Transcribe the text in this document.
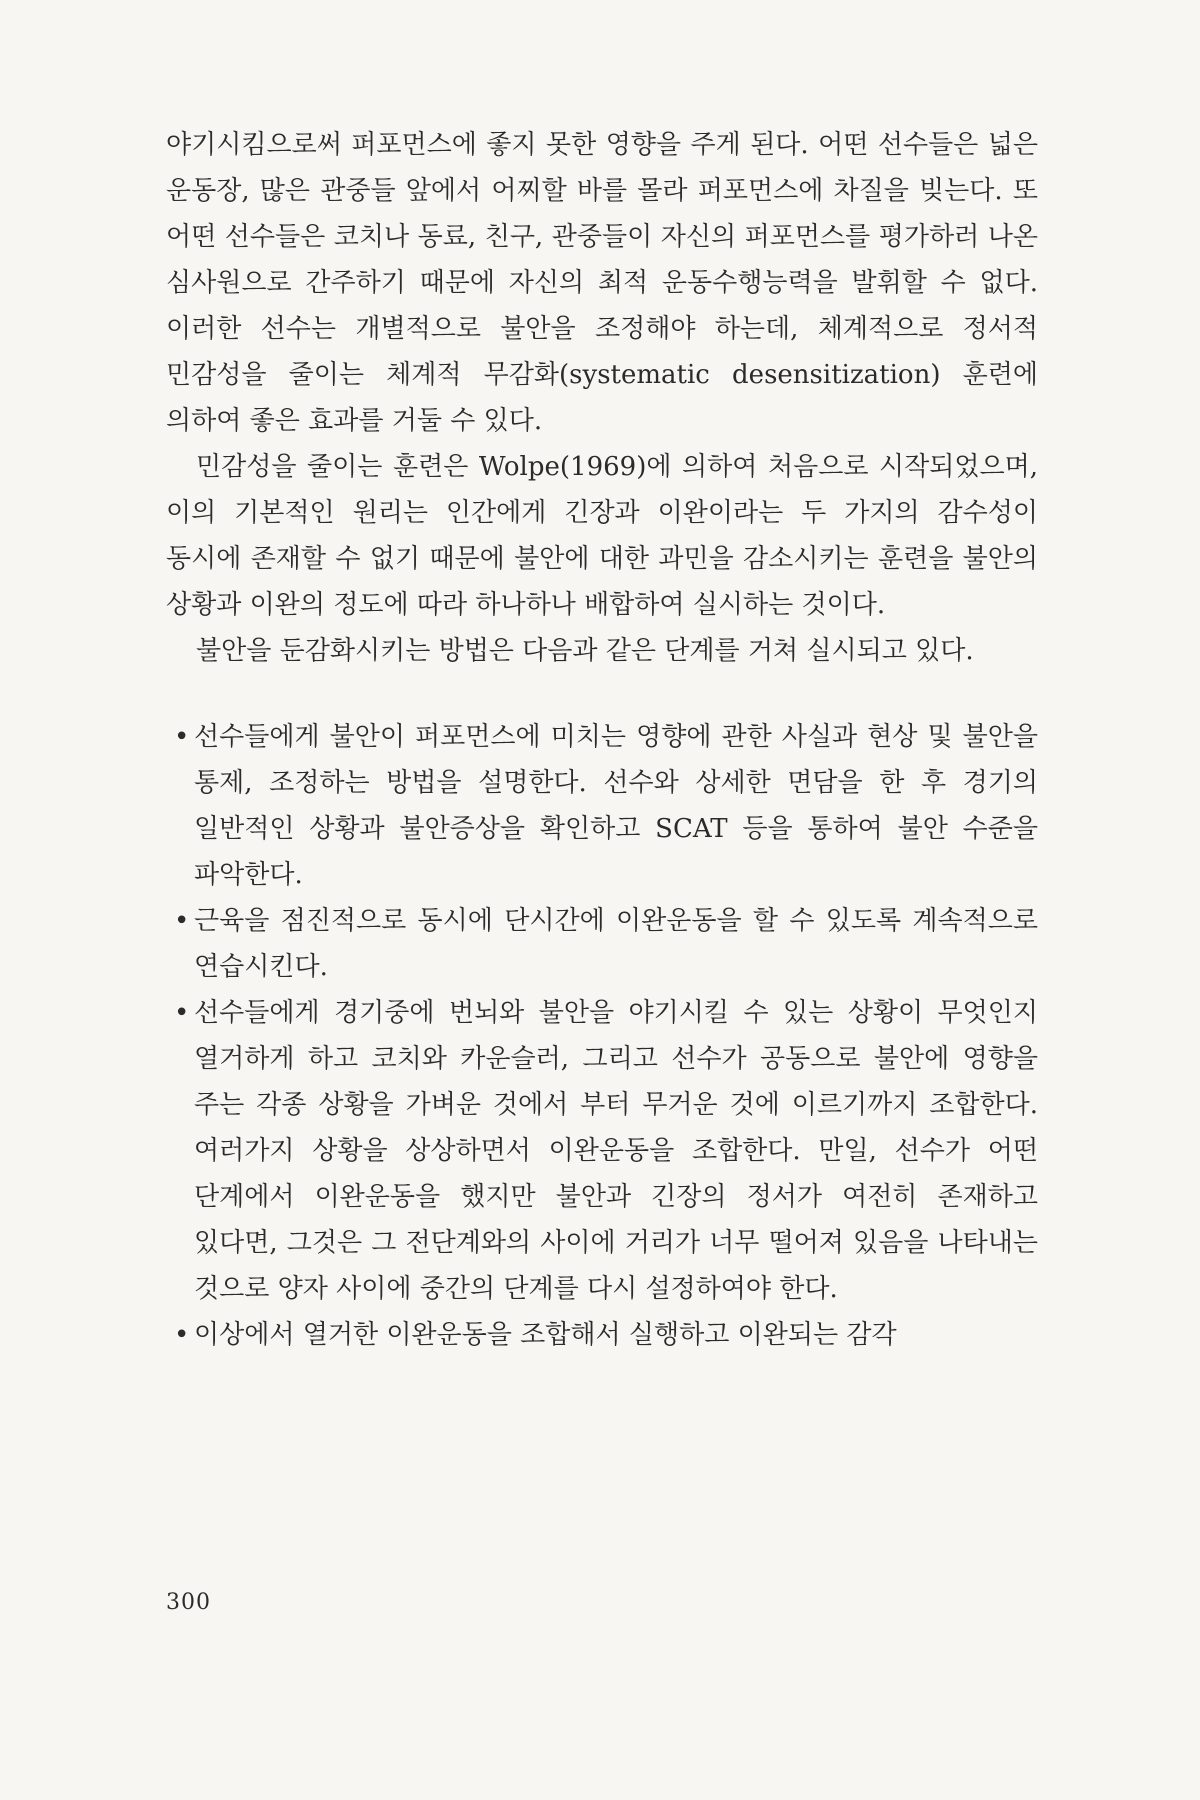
야기시킴으로써 퍼포먼스에 좋지 못한 영향을 주게 된다. 어떤 선수들은 넓은 운동장, 많은 관중들 앞에서 어찌할 바를 몰라 퍼포먼스에 차질을 빚는다. 또 어떤 선수들은 코치나 동료, 친구, 관중들이 자신의 퍼포먼스를 평가하러 나온 심사원으로 간주하기 때문에 자신의 최적 운동수행능력을 발휘할 수 없다. 이러한 선수는 개별적으로 불안을 조정해야 하는데, 체계적으로 정서적 민감성을 줄이는 체계적 무감화(systematic desensitization) 훈련에 의하여 좋은 효과를 거둘 수 있다.

민감성을 줄이는 훈련은 Wolpe(1969)에 의하여 처음으로 시작되었으며, 이의 기본적인 원리는 인간에게 긴장과 이완이라는 두 가지의 감수성이 동시에 존재할 수 없기 때문에 불안에 대한 과민을 감소시키는 훈련을 불안의 상황과 이완의 정도에 따라 하나하나 배합하여 실시하는 것이다.

불안을 둔감화시키는 방법은 다음과 같은 단계를 거쳐 실시되고 있다.

• 선수들에게 불안이 퍼포먼스에 미치는 영향에 관한 사실과 현상 및 불안을 통제, 조정하는 방법을 설명한다. 선수와 상세한 면담을 한 후 경기의 일반적인 상황과 불안증상을 확인하고 SCAT 등을 통하여 불안 수준을 파악한다.
• 근육을 점진적으로 동시에 단시간에 이완운동을 할 수 있도록 계속적으로 연습시킨다.
• 선수들에게 경기중에 번뇌와 불안을 야기시킬 수 있는 상황이 무엇인지 열거하게 하고 코치와 카운슬러, 그리고 선수가 공동으로 불안에 영향을 주는 각종 상황을 가벼운 것에서 부터 무거운 것에 이르기까지 조합한다. 여러가지 상황을 상상하면서 이완운동을 조합한다. 만일, 선수가 어떤 단계에서 이완운동을 했지만 불안과 긴장의 정서가 여전히 존재하고 있다면, 그것은 그 전단계와의 사이에 거리가 너무 떨어져 있음을 나타내는 것으로 양자 사이에 중간의 단계를 다시 설정하여야 한다.
• 이상에서 열거한 이완운동을 조합해서 실행하고 이완되는 감각
300
